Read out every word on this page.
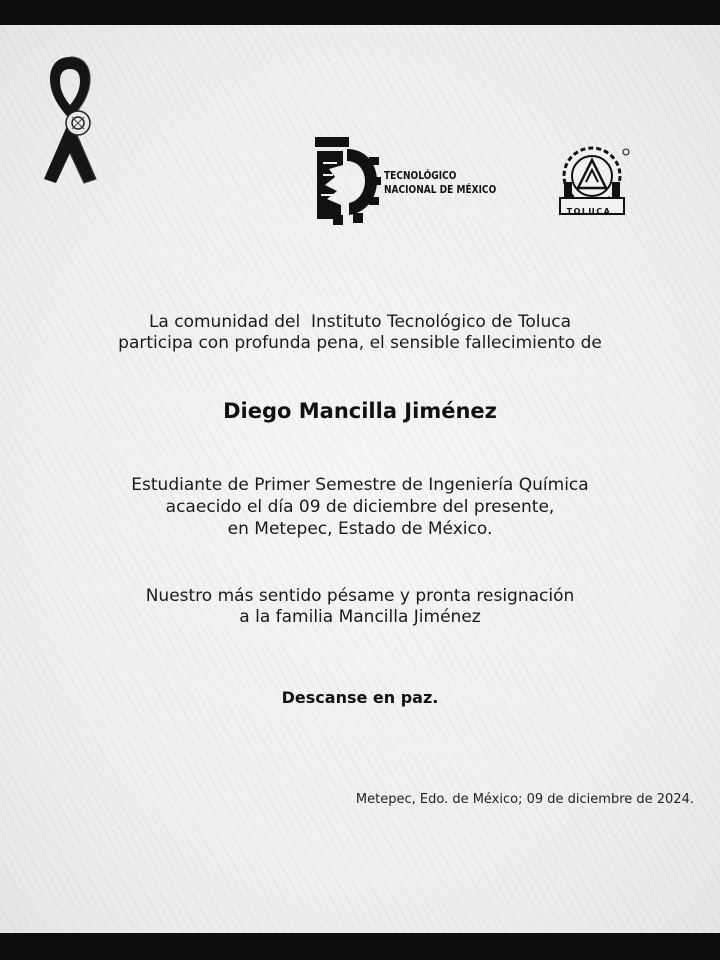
TECNOLÓGICO
NACIONAL DE MÉXICO
TOLUCA
La comunidad del  Instituto Tecnológico de Toluca
participa con profunda pena, el sensible fallecimiento de
Diego Mancilla Jiménez
Estudiante de Primer Semestre de Ingeniería Química
acaecido el día 09 de diciembre del presente,
en Metepec, Estado de México.
Nuestro más sentido pésame y pronta resignación
a la familia Mancilla Jiménez
Descanse en paz.
Metepec, Edo. de México; 09 de diciembre de 2024.
